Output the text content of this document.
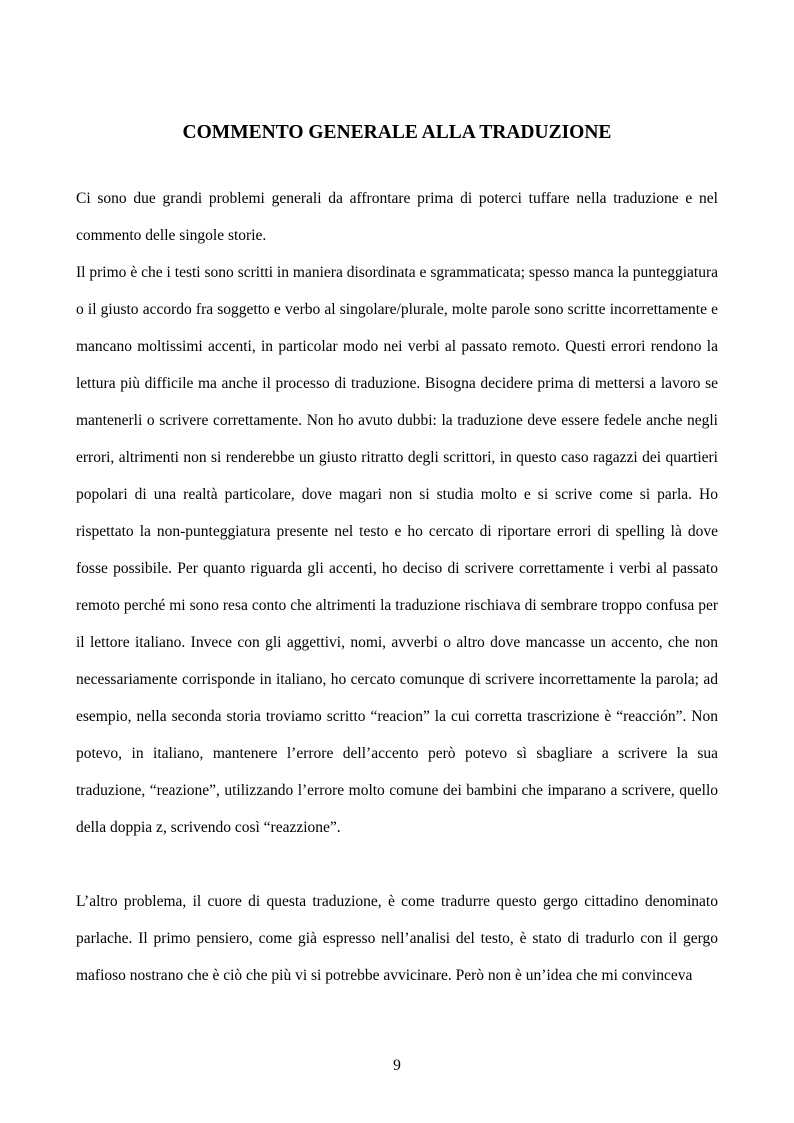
COMMENTO GENERALE ALLA TRADUZIONE

Ci sono due grandi problemi generali da affrontare prima di poterci tuffare nella traduzione e nel commento delle singole storie.

Il primo è che i testi sono scritti in maniera disordinata e sgrammaticata; spesso manca la punteggiatura o il giusto accordo fra soggetto e verbo al singolare/plurale, molte parole sono scritte incorrettamente e mancano moltissimi accenti, in particolar modo nei verbi al passato remoto. Questi errori rendono la lettura più difficile ma anche il processo di traduzione. Bisogna decidere prima di mettersi a lavoro se mantenerli o scrivere correttamente. Non ho avuto dubbi: la traduzione deve essere fedele anche negli errori, altrimenti non si renderebbe un giusto ritratto degli scrittori, in questo caso ragazzi dei quartieri popolari di una realtà particolare, dove magari non si studia molto e si scrive come si parla. Ho rispettato la non-punteggiatura presente nel testo e ho cercato di riportare errori di spelling là dove fosse possibile. Per quanto riguarda gli accenti, ho deciso di scrivere correttamente i verbi al passato remoto perché mi sono resa conto che altrimenti la traduzione rischiava di sembrare troppo confusa per il lettore italiano. Invece con gli aggettivi, nomi, avverbi o altro dove mancasse un accento, che non necessariamente corrisponde in italiano, ho cercato comunque di scrivere incorrettamente la parola; ad esempio, nella seconda storia troviamo scritto “reacion” la cui corretta trascrizione è “reacción”. Non potevo, in italiano, mantenere l’errore dell’accento però potevo sì sbagliare a scrivere la sua traduzione, “reazione”, utilizzando l’errore molto comune dei bambini che imparano a scrivere, quello della doppia z, scrivendo così “reazzione”.

L’altro problema, il cuore di questa traduzione, è come tradurre questo gergo cittadino denominato parlache. Il primo pensiero, come già espresso nell’analisi del testo, è stato di tradurlo con il gergo mafioso nostrano che è ciò che più vi si potrebbe avvicinare. Però non è un’idea che mi convinceva

9
